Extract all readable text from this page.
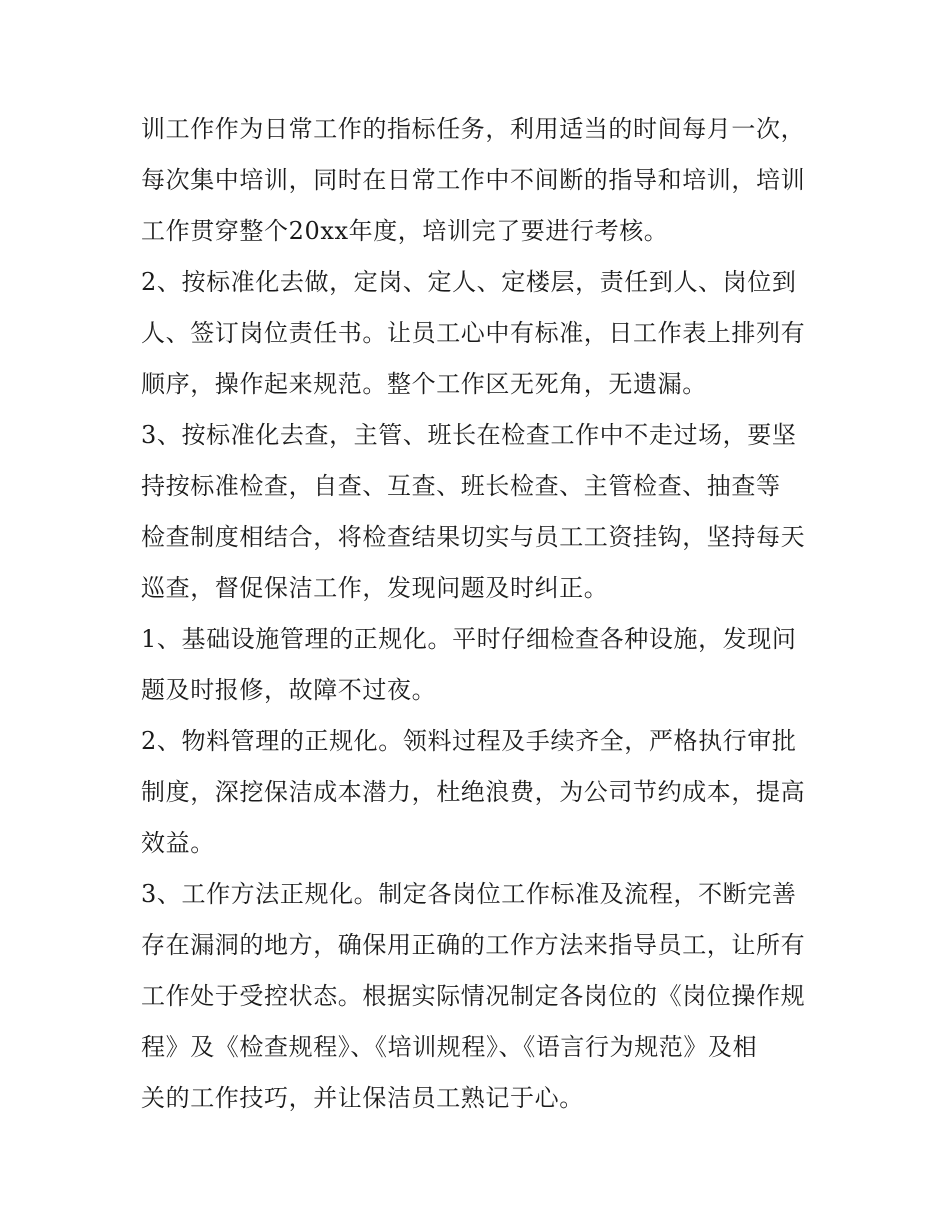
训工作作为日常工作的指标任务，利用适当的时间每月一次，
每次集中培训，同时在日常工作中不间断的指导和培训，培训
工作贯穿整个20xx年度，培训完了要进行考核。
2、按标准化去做，定岗、定人、定楼层，责任到人、岗位到
人、签订岗位责任书。让员工心中有标准，日工作表上排列有
顺序，操作起来规范。整个工作区无死角，无遗漏。
3、按标准化去查，主管、班长在检查工作中不走过场，要坚
持按标准检查，自查、互查、班长检查、主管检查、抽查等
检查制度相结合，将检查结果切实与员工工资挂钩，坚持每天
巡查，督促保洁工作，发现问题及时纠正。
1、基础设施管理的正规化。平时仔细检查各种设施，发现问
题及时报修，故障不过夜。
2、物料管理的正规化。领料过程及手续齐全，严格执行审批
制度，深挖保洁成本潜力，杜绝浪费，为公司节约成本，提高
效益。
3、工作方法正规化。制定各岗位工作标准及流程，不断完善
存在漏洞的地方，确保用正确的工作方法来指导员工，让所有
工作处于受控状态。根据实际情况制定各岗位的《岗位操作规
程》及《检查规程》、《培训规程》、《语言行为规范》及相
关的工作技巧，并让保洁员工熟记于心。
